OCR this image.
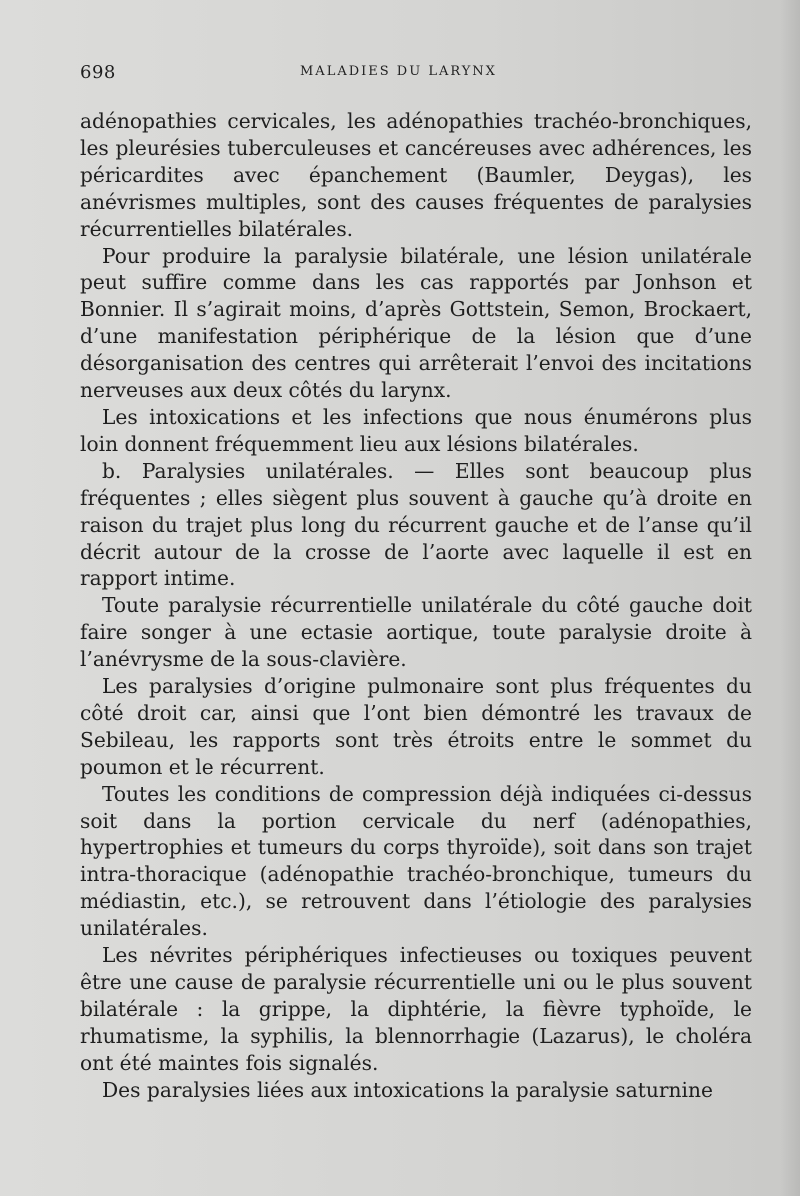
698	MALADIES DU LARYNX

adénopathies cervicales, les adénopathies trachéo-bronchiques, les pleurésies tuberculeuses et cancéreuses avec adhérences, les péricardites avec épanchement (Baumler, Deygas), les anévrismes multiples, sont des causes fréquentes de paralysies récurrentielles bilatérales.

Pour produire la paralysie bilatérale, une lésion unilatérale peut suffire comme dans les cas rapportés par Jonhson et Bonnier. Il s’agirait moins, d’après Gottstein, Semon, Brockaert, d’une manifestation périphérique de la lésion que d’une désorganisation des centres qui arrêterait l’envoi des incitations nerveuses aux deux côtés du larynx.

Les intoxications et les infections que nous énumérons plus loin donnent fréquemment lieu aux lésions bilatérales.

b. Paralysies unilatérales. — Elles sont beaucoup plus fréquentes ; elles siègent plus souvent à gauche qu’à droite en raison du trajet plus long du récurrent gauche et de l’anse qu’il décrit autour de la crosse de l’aorte avec laquelle il est en rapport intime.

Toute paralysie récurrentielle unilatérale du côté gauche doit faire songer à une ectasie aortique, toute paralysie droite à l’anévrysme de la sous-clavière.

Les paralysies d’origine pulmonaire sont plus fréquentes du côté droit car, ainsi que l’ont bien démontré les travaux de Sebileau, les rapports sont très étroits entre le sommet du poumon et le récurrent.

Toutes les conditions de compression déjà indiquées ci-dessus soit dans la portion cervicale du nerf (adénopathies, hypertrophies et tumeurs du corps thyroïde), soit dans son trajet intra-thoracique (adénopathie trachéo-bronchique, tumeurs du médiastin, etc.), se retrouvent dans l’étiologie des paralysies unilatérales.

Les névrites périphériques infectieuses ou toxiques peuvent être une cause de paralysie récurrentielle uni ou le plus souvent bilatérale : la grippe, la diphtérie, la fièvre typhoïde, le rhumatisme, la syphilis, la blennorrhagie (Lazarus), le choléra ont été maintes fois signalés.

Des paralysies liées aux intoxications la paralysie saturnine
